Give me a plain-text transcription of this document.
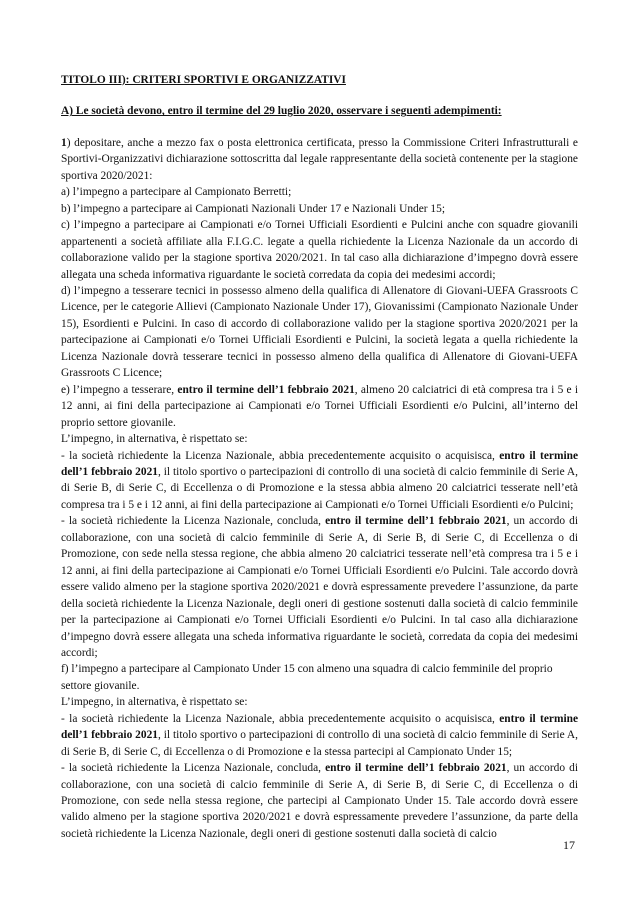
TITOLO III): CRITERI SPORTIVI E ORGANIZZATIVI
A) Le società devono, entro il termine del 29 luglio 2020, osservare i seguenti adempimenti:

1) depositare, anche a mezzo fax o posta elettronica certificata, presso la Commissione Criteri Infrastrutturali e Sportivi-Organizzativi dichiarazione sottoscritta dal legale rappresentante della società contenente per la stagione sportiva 2020/2021:

a) l’impegno a partecipare al Campionato Berretti;

b) l’impegno a partecipare ai Campionati Nazionali Under 17 e Nazionali Under 15;

c) l’impegno a partecipare ai Campionati e/o Tornei Ufficiali Esordienti e Pulcini anche con squadre giovanili appartenenti a società affiliate alla F.I.G.C. legate a quella richiedente la Licenza Nazionale da un accordo di collaborazione valido per la stagione sportiva 2020/2021. In tal caso alla dichiarazione d’impegno dovrà essere allegata una scheda informativa riguardante le società corredata da copia dei medesimi accordi;

d) l’impegno a tesserare tecnici in possesso almeno della qualifica di Allenatore di Giovani-UEFA Grassroots C Licence, per le categorie Allievi (Campionato Nazionale Under 17), Giovanissimi (Campionato Nazionale Under 15), Esordienti e Pulcini. In caso di accordo di collaborazione valido per la stagione sportiva 2020/2021 per la partecipazione ai Campionati e/o Tornei Ufficiali Esordienti e Pulcini, la società legata a quella richiedente la Licenza Nazionale dovrà tesserare tecnici in possesso almeno della qualifica di Allenatore di Giovani-UEFA Grassroots C Licence;

e) l’impegno a tesserare, entro il termine dell’1 febbraio 2021, almeno 20 calciatrici di età compresa tra i 5 e i 12 anni, ai fini della partecipazione ai Campionati e/o Tornei Ufficiali Esordienti e/o Pulcini, all’interno del proprio settore giovanile.

L’impegno, in alternativa, è rispettato se:

- la società richiedente la Licenza Nazionale, abbia precedentemente acquisito o acquisisca, entro il termine dell’1 febbraio 2021, il titolo sportivo o partecipazioni di controllo di una società di calcio femminile di Serie A, di Serie B, di Serie C, di Eccellenza o di Promozione e la stessa abbia almeno 20 calciatrici tesserate nell’età compresa tra i 5 e i 12 anni, ai fini della partecipazione ai Campionati e/o Tornei Ufficiali Esordienti e/o Pulcini;

- la società richiedente la Licenza Nazionale, concluda, entro il termine dell’1 febbraio 2021, un accordo di collaborazione, con una società di calcio femminile di Serie A, di Serie B, di Serie C, di Eccellenza o di Promozione, con sede nella stessa regione, che abbia almeno 20 calciatrici tesserate nell’età compresa tra i 5 e i 12 anni, ai fini della partecipazione ai Campionati e/o Tornei Ufficiali Esordienti e/o Pulcini. Tale accordo dovrà essere valido almeno per la stagione sportiva 2020/2021 e dovrà espressamente prevedere l’assunzione, da parte della società richiedente la Licenza Nazionale, degli oneri di gestione sostenuti dalla società di calcio femminile per la partecipazione ai Campionati e/o Tornei Ufficiali Esordienti e/o Pulcini. In tal caso alla dichiarazione d’impegno dovrà essere allegata una scheda informativa riguardante le società, corredata da copia dei medesimi accordi;

f) l’impegno a partecipare al Campionato Under 15 con almeno una squadra di calcio femminile del proprio settore giovanile.

L’impegno, in alternativa, è rispettato se:

- la società richiedente la Licenza Nazionale, abbia precedentemente acquisito o acquisisca, entro il termine dell’1 febbraio 2021, il titolo sportivo o partecipazioni di controllo di una società di calcio femminile di Serie A, di Serie B, di Serie C, di Eccellenza o di Promozione e la stessa partecipi al Campionato Under 15;

- la società richiedente la Licenza Nazionale, concluda, entro il termine dell’1 febbraio 2021, un accordo di collaborazione, con una società di calcio femminile di Serie A, di Serie B, di Serie C, di Eccellenza o di Promozione, con sede nella stessa regione, che partecipi al Campionato Under 15. Tale accordo dovrà essere valido almeno per la stagione sportiva 2020/2021 e dovrà espressamente prevedere l’assunzione, da parte della società richiedente la Licenza Nazionale, degli oneri di gestione sostenuti dalla società di calcio

17
